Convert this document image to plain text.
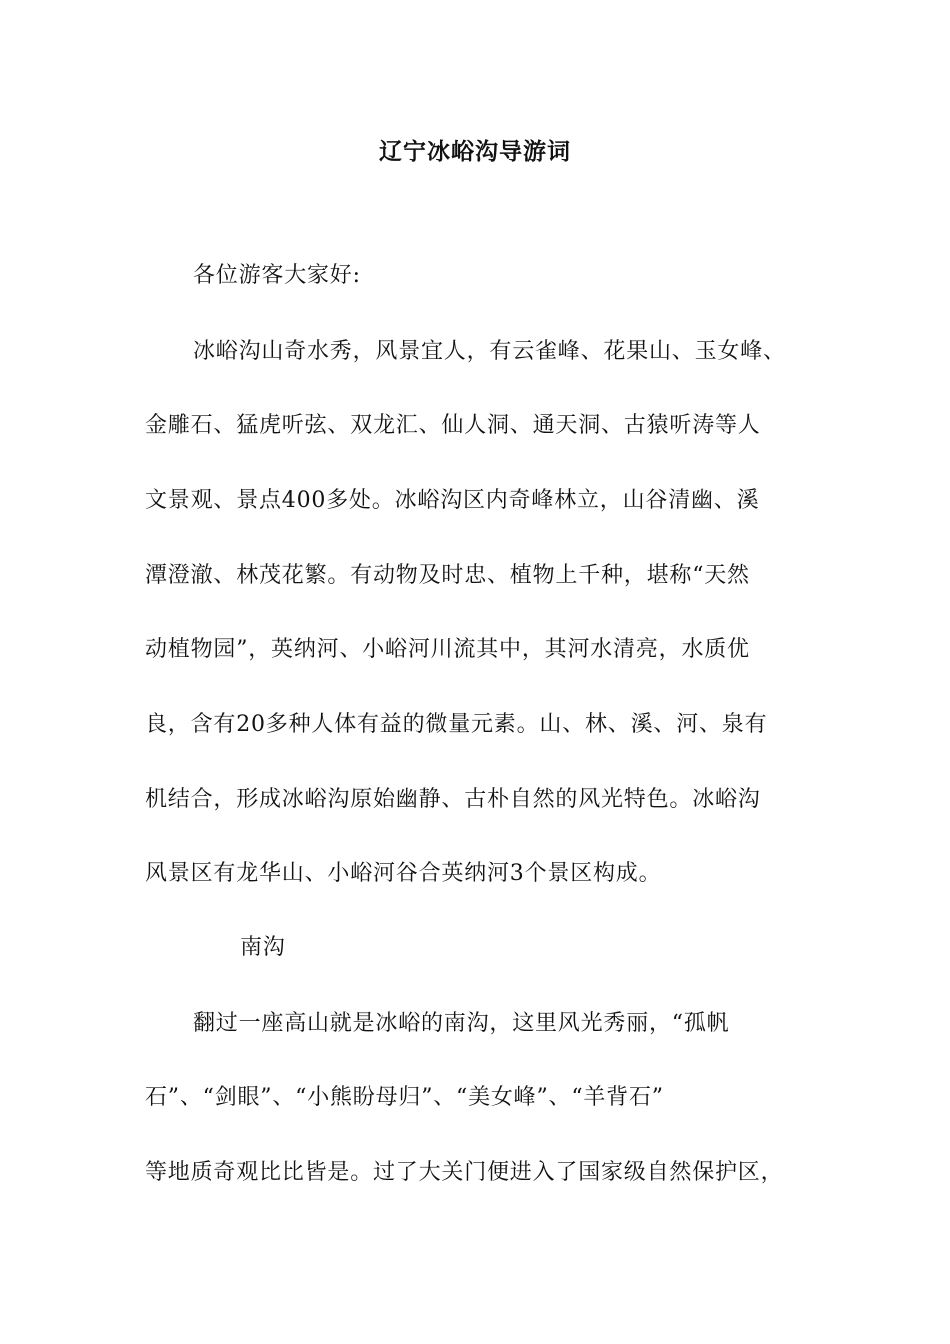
辽宁冰峪沟导游词
各位游客大家好:
冰峪沟山奇水秀，风景宜人，有云雀峰、花果山、玉女峰、
金雕石、猛虎听弦、双龙汇、仙人洞、通天洞、古猿听涛等人
文景观、景点400多处。冰峪沟区内奇峰林立，山谷清幽、溪
潭澄澈、林茂花繁。有动物及时忠、植物上千种，堪称“天然
动植物园”，英纳河、小峪河川流其中，其河水清亮，水质优
良，含有20多种人体有益的微量元素。山、林、溪、河、泉有
机结合，形成冰峪沟原始幽静、古朴自然的风光特色。冰峪沟
风景区有龙华山、小峪河谷合英纳河3个景区构成。
南沟
翻过一座高山就是冰峪的南沟，这里风光秀丽，“孤帆
石”、“剑眼”、“小熊盼母归”、“美女峰”、“羊背石”
等地质奇观比比皆是。过了大关门便进入了国家级自然保护区，
